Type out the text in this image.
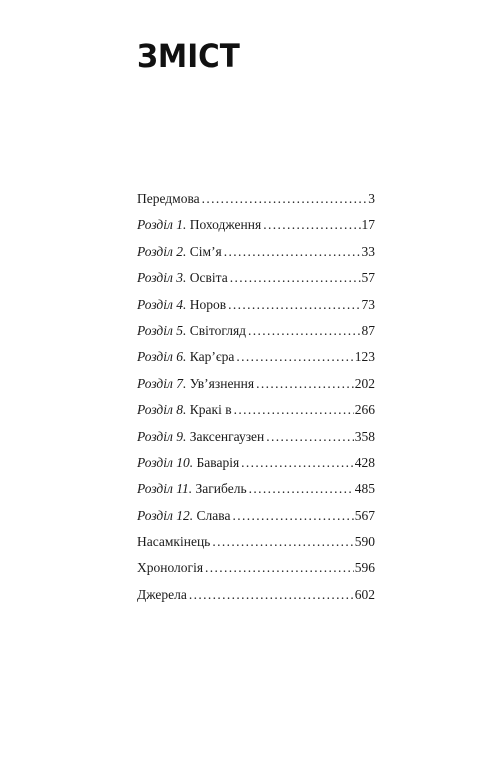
ЗМІСТ
Передмова . . .	3
Розділ 1. Походження . . .	17
Розділ 2. Сім’я . . .	33
Розділ 3. Освіта . . .	57
Розділ 4. Норов . . .	73
Розділ 5. Світогляд . . .	87
Розділ 6. Кар’єра . . .	123
Розділ 7. Ув’язнення . . .	202
Розділ 8. Кракі в . . .	266
Розділ 9. Заксенгаузен . . .	358
Розділ 10. Баварія . . .	428
Розділ 11. Загибель . . .	485
Розділ 12. Слава . . .	567
Насамкінець . . .	590
Хронологія . . .	596
Джерела . . .	602
